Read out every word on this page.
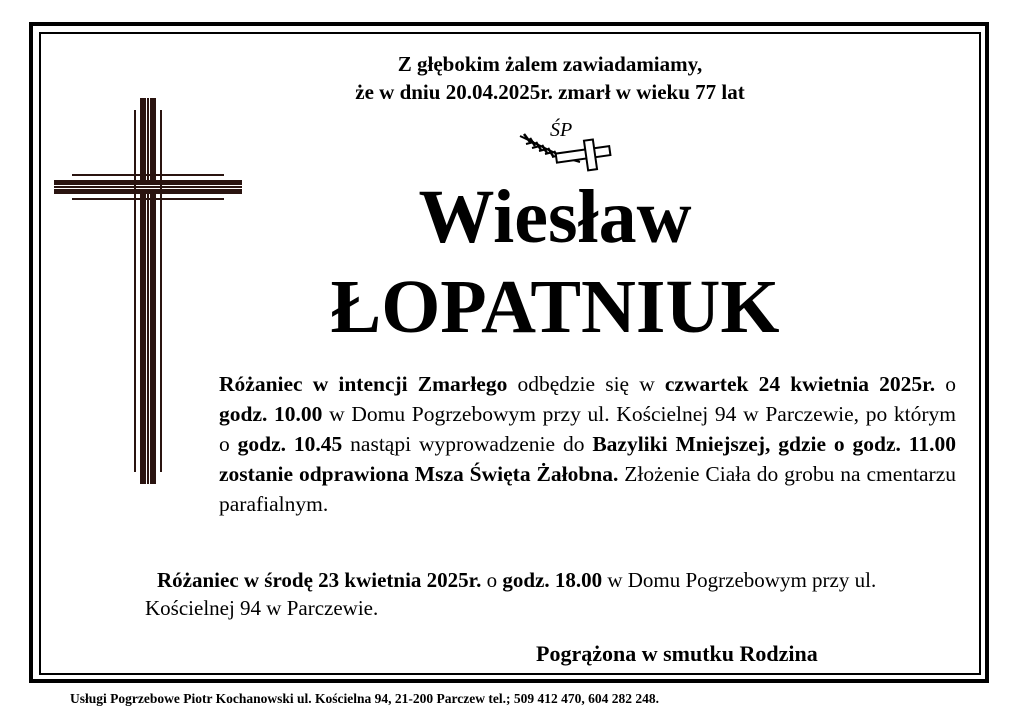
Z głębokim żalem zawiadamiamy,
że w dniu 20.04.2025r. zmarł w wieku 77 lat
ŚP
Wiesław
ŁOPATNIUK
Różaniec w intencji Zmarłego odbędzie się w czwartek 24 kwietnia 2025r. o godz. 10.00 w Domu Pogrzebowym przy ul. Kościelnej 94 w Parczewie, po którym o godz. 10.45 nastąpi wyprowadzenie do Bazyliki Mniejszej, gdzie o godz. 11.00 zostanie odprawiona Msza Święta Żałobna. Złożenie Ciała do grobu na cmentarzu parafialnym.
Różaniec w środę 23 kwietnia 2025r. o godz. 18.00 w Domu Pogrzebowym przy ul. Kościelnej 94 w Parczewie.
Pogrążona w smutku Rodzina
Usługi Pogrzebowe Piotr Kochanowski ul. Kościelna 94, 21-200 Parczew tel.; 509 412 470, 604 282 248.
